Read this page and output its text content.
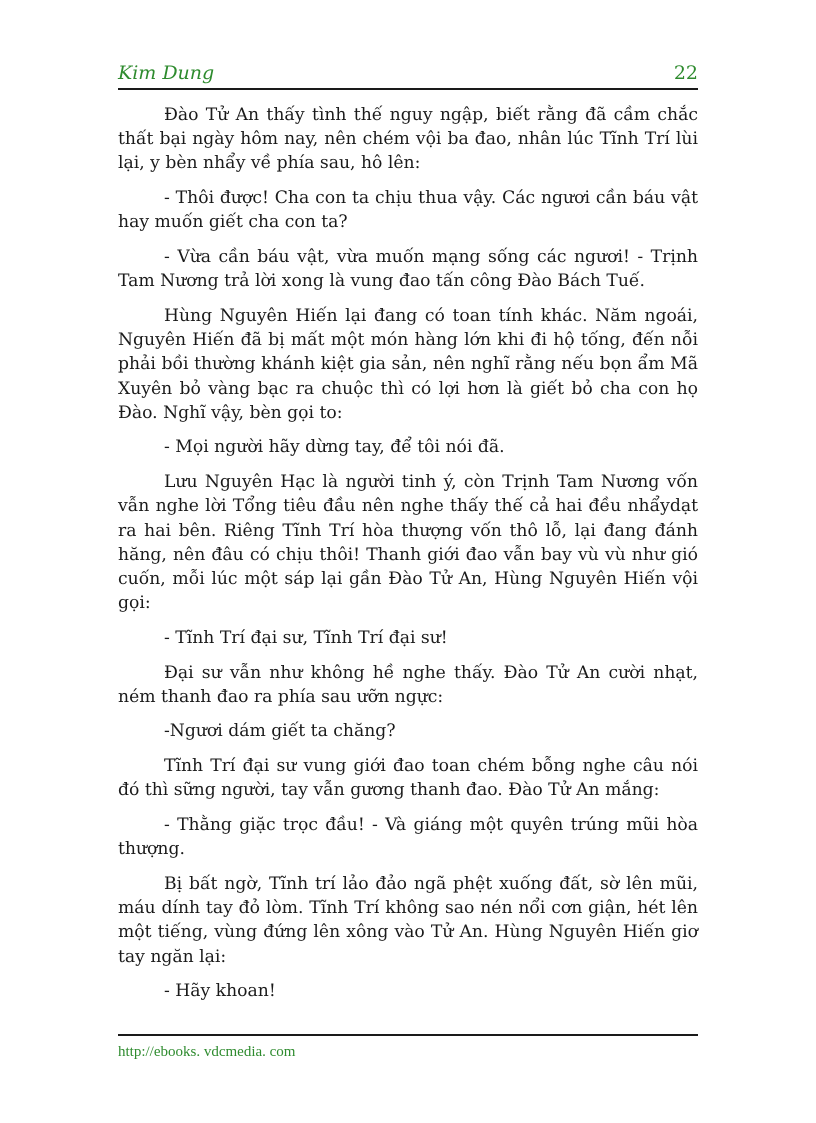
Kim Dung	22

Đào Tử An thấy tình thế nguy ngập, biết rằng đã cầm chắc thất bại ngày hôm nay, nên chém vội ba đao, nhân lúc Tĩnh Trí lùi lại, y bèn nhẩy về phía sau, hô lên:

- Thôi được! Cha con ta chịu thua vậy. Các ngươi cần báu vật hay muốn giết cha con ta?

- Vừa cần báu vật, vừa muốn mạng sống các ngươi! - Trịnh Tam Nương trả lời xong là vung đao tấn công Đào Bách Tuế.

Hùng Nguyên Hiến lại đang có toan tính khác. Năm ngoái, Nguyên Hiến đã bị mất một món hàng lớn khi đi hộ tống, đến nỗi phải bồi thường khánh kiệt gia sản, nên nghĩ rằng nếu bọn ẩm Mã Xuyên bỏ vàng bạc ra chuộc thì có lợi hơn là giết bỏ cha con họ Đào. Nghĩ vậy, bèn gọi to:

- Mọi người hãy dừng tay, để tôi nói đã.

Lưu Nguyên Hạc là người tinh ý, còn Trịnh Tam Nương vốn vẫn nghe lời Tổng tiêu đầu nên nghe thấy thế cả hai đều nhẩydạt ra hai bên. Riêng Tĩnh Trí hòa thượng vốn thô lỗ, lại đang đánh hăng, nên đâu có chịu thôi! Thanh giới đao vẫn bay vù vù như gió cuốn, mỗi lúc một sáp lại gần Đào Tử An, Hùng Nguyên Hiến vội gọi:

- Tĩnh Trí đại sư, Tĩnh Trí đại sư!

Đại sư vẫn như không hề nghe thấy. Đào Tử An cười nhạt, ném thanh đao ra phía sau ưỡn ngực:

-Ngươi dám giết ta chăng?

Tĩnh Trí đại sư vung giới đao toan chém bỗng nghe câu nói đó thì sững người, tay vẫn gương thanh đao. Đào Tử An mắng:

- Thằng giặc trọc đầu! - Và giáng một quyên trúng mũi hòa thượng.

Bị bất ngờ, Tĩnh trí lảo đảo ngã phệt xuống đất, sờ lên mũi, máu dính tay đỏ lòm. Tĩnh Trí không sao nén nổi cơn giận, hét lên một tiếng, vùng đứng lên xông vào Tử An. Hùng Nguyên Hiến giơ tay ngăn lại:

- Hãy khoan!

http://ebooks. vdcmedia. com
